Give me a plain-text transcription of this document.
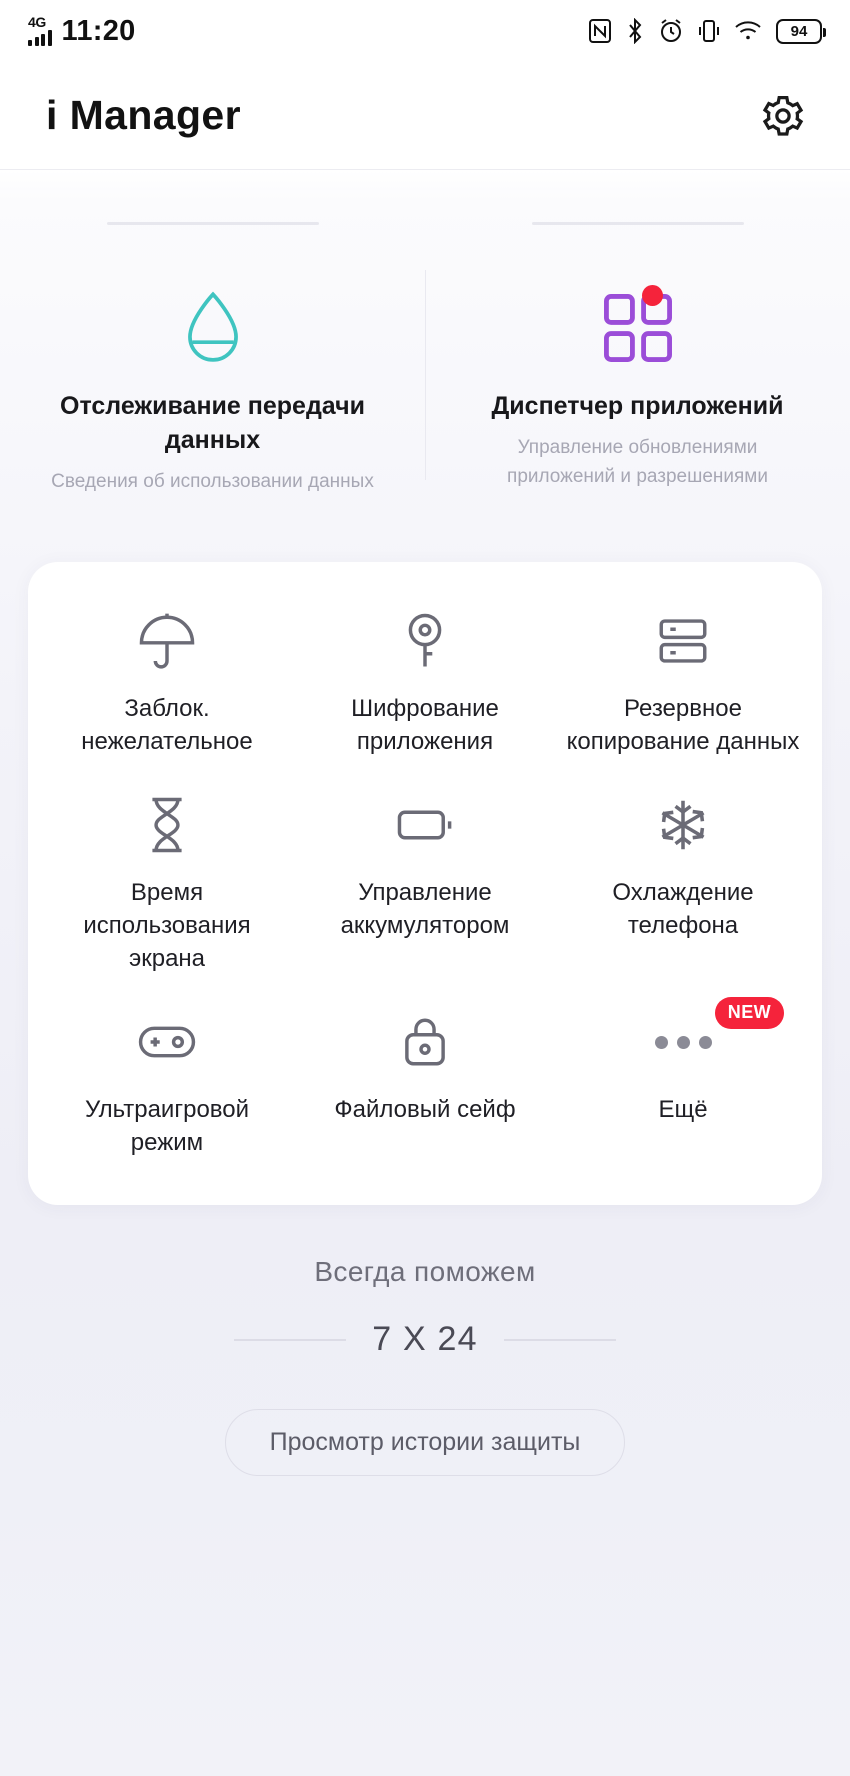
4G 11:20	94
i Manager
Отслеживание передачи данных
Сведения об использовании данных
Диспетчер приложений
Управление обновлениями приложений и разрешениями
Заблок. нежелательное
Шифрование приложения
Резервное копирование данных
Время использования экрана
Управление аккумулятором
Охлаждение телефона
Ультраигровой режим
Файловый сейф
NEW
Ещё
Всегда поможем
7 X 24
Просмотр истории защиты
